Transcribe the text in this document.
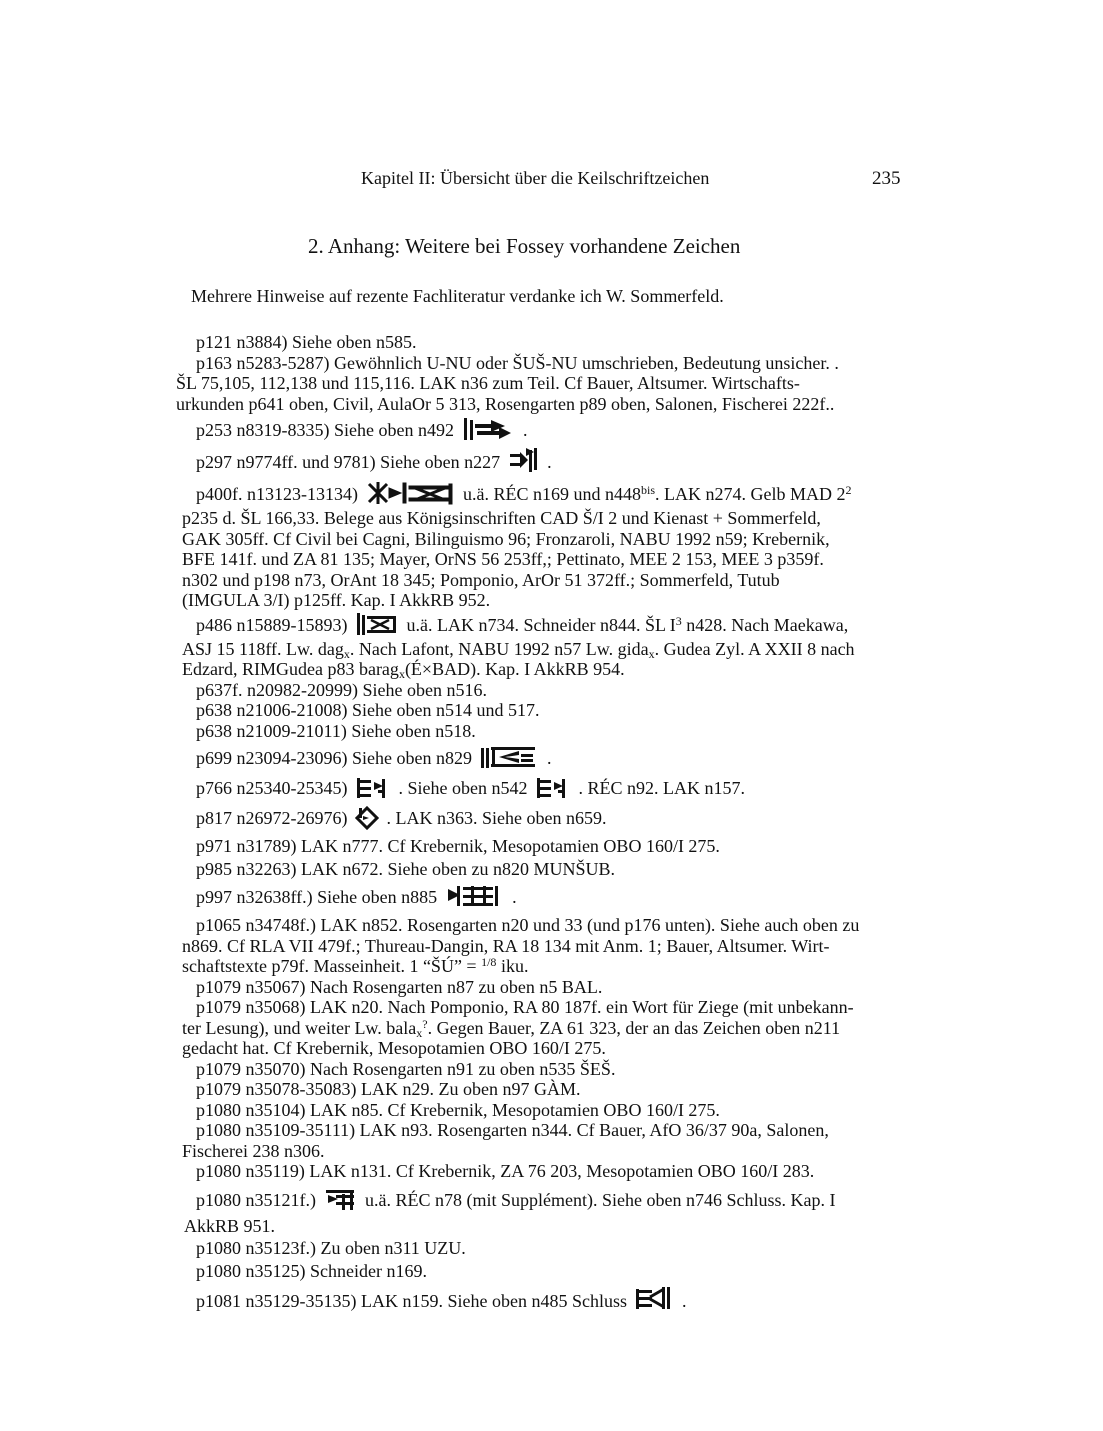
Kapitel II: Übersicht über die Keilschriftzeichen	235
2. Anhang: Weitere bei Fossey vorhandene Zeichen
Mehrere Hinweise auf rezente Fachliteratur verdanke ich W. Sommerfeld.
p121 n3884) Siehe oben n585.
p163 n5283-5287) Gewöhnlich U-NU oder ŠUŠ-NU umschrieben, Bedeutung unsicher. .
ŠL 75,105, 112,138 und 115,116. LAK n36 zum Teil. Cf Bauer, Altsumer. Wirtschafts-
urkunden p641 oben, Civil, AulaOr 5 313, Rosengarten p89 oben, Salonen, Fischerei 222f..
p253 n8319-8335) Siehe oben n492	.
p297 n9774ff. und 9781) Siehe oben n227	.
p400f. n13123-13134)	u.ä. RÉC n169 und $n448^{bis}$. LAK n274. Gelb MAD $2^2$
p235 d. ŠL 166,33. Belege aus Königsinschriften CAD Š/I 2 und Kienast + Sommerfeld,
GAK 305ff. Cf Civil bei Cagni, Bilinguismo 96; Fronzaroli, NABU 1992 n59; Krebernik,
BFE 141f. und ZA 81 135; Mayer, OrNS 56 253ff,; Pettinato, MEE 2 153, MEE 3 p359f.
n302 und p198 n73, OrAnt 18 345; Pomponio, ArOr 51 372ff.; Sommerfeld, Tutub
(IMGULA 3/I) p125ff. Kap. I AkkRB 952.
p486 n15889-15893)	u.ä. LAK n734. Schneider n844. ŠL $I^3$ n428. Nach Maekawa,
ASJ 15 118ff. Lw. dag$_x$. Nach Lafont, NABU 1992 n57 Lw. gida$_x$. Gudea Zyl. A XXII 8 nach
Edzard, RIMGudea p83 barag$_x$(É×BAD). Kap. I AkkRB 954.
p637f. n20982-20999) Siehe oben n516.
p638 n21006-21008) Siehe oben n514 und 517.
p638 n21009-21011) Siehe oben n518.
p699 n23094-23096) Siehe oben n829	.
p766 n25340-25345)	. Siehe oben n542	. RÉC n92. LAK n157.
p817 n26972-26976) . LAK n363. Siehe oben n659.
p971 n31789) LAK n777. Cf Krebernik, Mesopotamien OBO 160/I 275.
p985 n32263) LAK n672. Siehe oben zu n820 MUNŠUB.
p997 n32638ff.) Siehe oben n885	.
p1065 n34748f.) LAK n852. Rosengarten n20 und 33 (und p176 unten). Siehe auch oben zu
n869. Cf RLA VII 479f.; Thureau-Dangin, RA 18 134 mit Anm. 1; Bauer, Altsumer. Wirt-
schaftstexte p79f. Masseinheit. 1 “ŠÚ” = $^{1/8}$ iku.
p1079 n35067) Nach Rosengarten n87 zu oben n5 BAL.
p1079 n35068) LAK n20. Nach Pomponio, RA 80 187f. ein Wort für Ziege (mit unbekann-
ter Lesung), und weiter Lw. bala$_x$?. Gegen Bauer, ZA 61 323, der an das Zeichen oben n211
gedacht hat. Cf Krebernik, Mesopotamien OBO 160/I 275.
p1079 n35070) Nach Rosengarten n91 zu oben n535 ŠEŠ.
p1079 n35078-35083) LAK n29. Zu oben n97 GÀM.
p1080 n35104) LAK n85. Cf Krebernik, Mesopotamien OBO 160/I 275.
p1080 n35109-35111) LAK n93. Rosengarten n344. Cf Bauer, AfO 36/37 90a, Salonen,
Fischerei 238 n306.
p1080 n35119) LAK n131. Cf Krebernik, ZA 76 203, Mesopotamien OBO 160/I 283.
p1080 n35121f.)	u.ä. RÉC n78 (mit Supplément). Siehe oben n746 Schluss. Kap. I
AkkRB 951.
p1080 n35123f.) Zu oben n311 UZU.
p1080 n35125) Schneider n169.
p1081 n35129-35135) LAK n159. Siehe oben n485 Schluss	.
